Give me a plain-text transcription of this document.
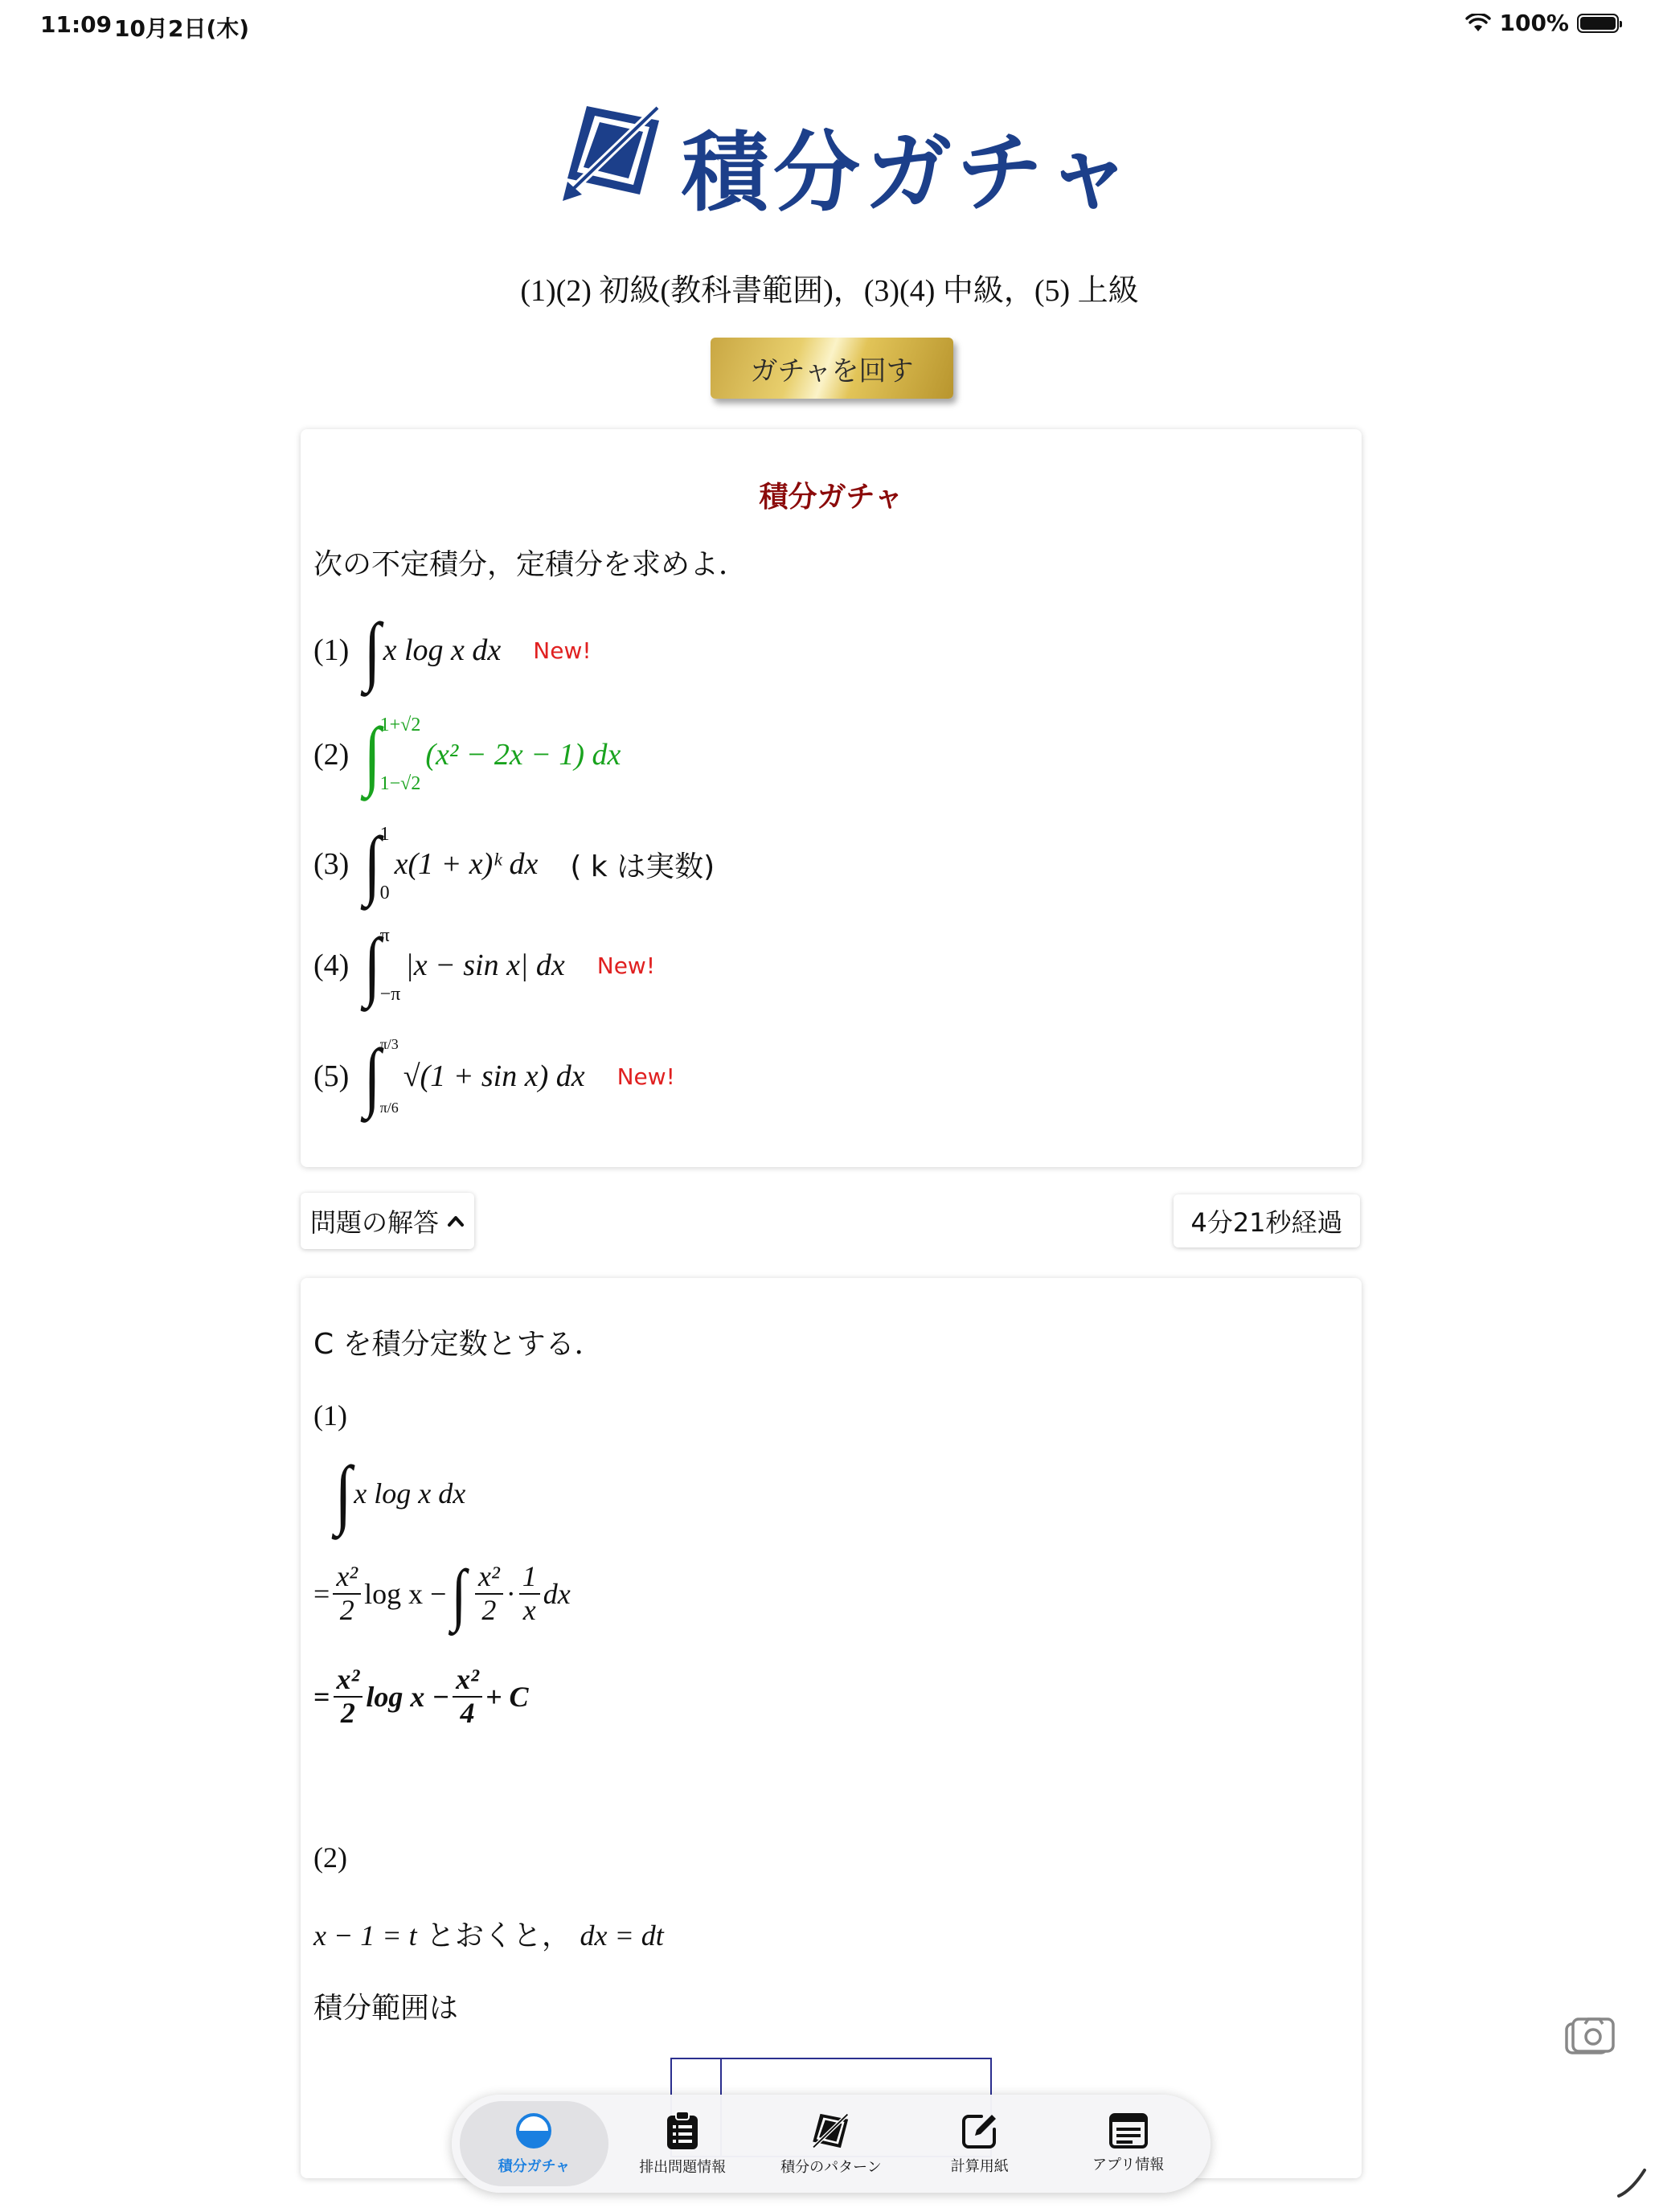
11:09 10月2日(木)	100%
積分ガチャ
(1)(2) 初級(教科書範囲)，(3)(4) 中級，(5) 上級
ガチャを回す
積分ガチャ
次の不定積分，定積分を求めよ．
(1) ∫ x log x dx New!
(2) ∫
1+√2
1−√2
(x² − 2x − 1) dx
(3) ∫
1
0
x(1 + x)ᵏ dx ( k は実数)
(4) ∫
π
−π
|x − sin x| dx New!
(5) ∫
π/3
π/6
√(1 + sin x) dx New!
問題の解答	4分21秒経過
C を積分定数とする．
(1)
∫ x log x dx
= $\frac{\text{x²}}{2}$ log x − ∫ $\frac{\text{x²}}{2} \cdot \frac{1}{x}$ dx
= $\frac{\text{x²}}{2}$ $\log x - \frac{\text{x²}}{4} + C$
(2)
x − 1 = t とおくと， dx = dt
積分範囲は
積分ガチャ	排出問題情報	積分のパターン	計算用紙	アプリ情報
